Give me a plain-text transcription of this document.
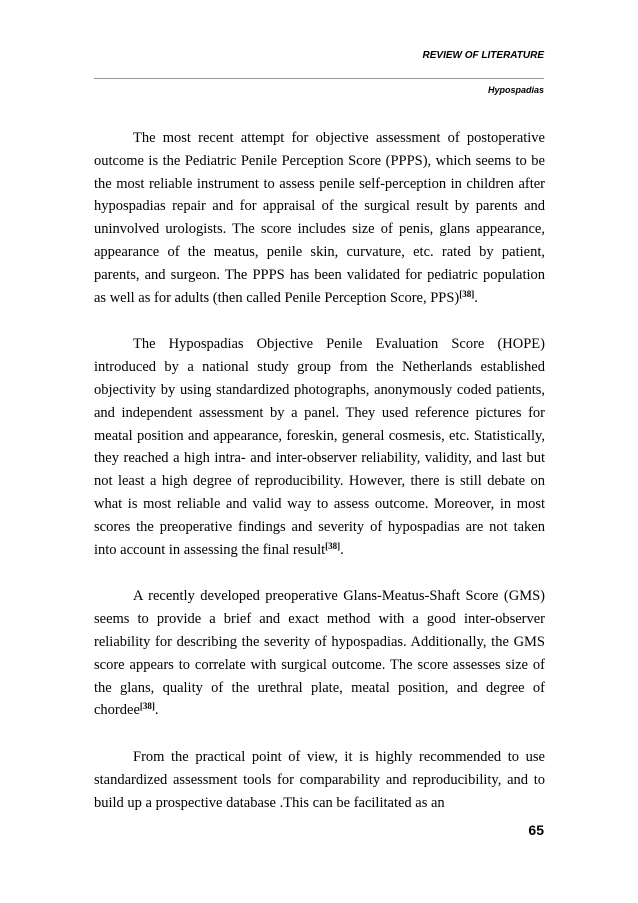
REVIEW OF LITERATURE
Hypospadias

The most recent attempt for objective assessment of postoperative outcome is the Pediatric Penile Perception Score (PPPS), which seems to be the most reliable instrument to assess penile self-perception in children after hypospadias repair and for appraisal of the surgical result by parents and uninvolved urologists. The score includes size of penis, glans appearance, appearance of the meatus, penile skin, curvature, etc. rated by patient, parents, and surgeon. The PPPS has been validated for pediatric population as well as for adults (then called Penile Perception Score, PPS)[38].

The Hypospadias Objective Penile Evaluation Score (HOPE) introduced by a national study group from the Netherlands established objectivity by using standardized photographs, anonymously coded patients, and independent assessment by a panel. They used reference pictures for meatal position and appearance, foreskin, general cosmesis, etc. Statistically, they reached a high intra- and inter-observer reliability, validity, and last but not least a high degree of reproducibility. However, there is still debate on what is most reliable and valid way to assess outcome. Moreover, in most scores the preoperative findings and severity of hypospadias are not taken into account in assessing the final result[38].

A recently developed preoperative Glans-Meatus-Shaft Score (GMS) seems to provide a brief and exact method with a good inter-observer reliability for describing the severity of hypospadias. Additionally, the GMS score appears to correlate with surgical outcome. The score assesses size of the glans, quality of the urethral plate, meatal position, and degree of chordee[38].

From the practical point of view, it is highly recommended to use standardized assessment tools for comparability and reproducibility, and to build up a prospective database .This can be facilitated as an

65
